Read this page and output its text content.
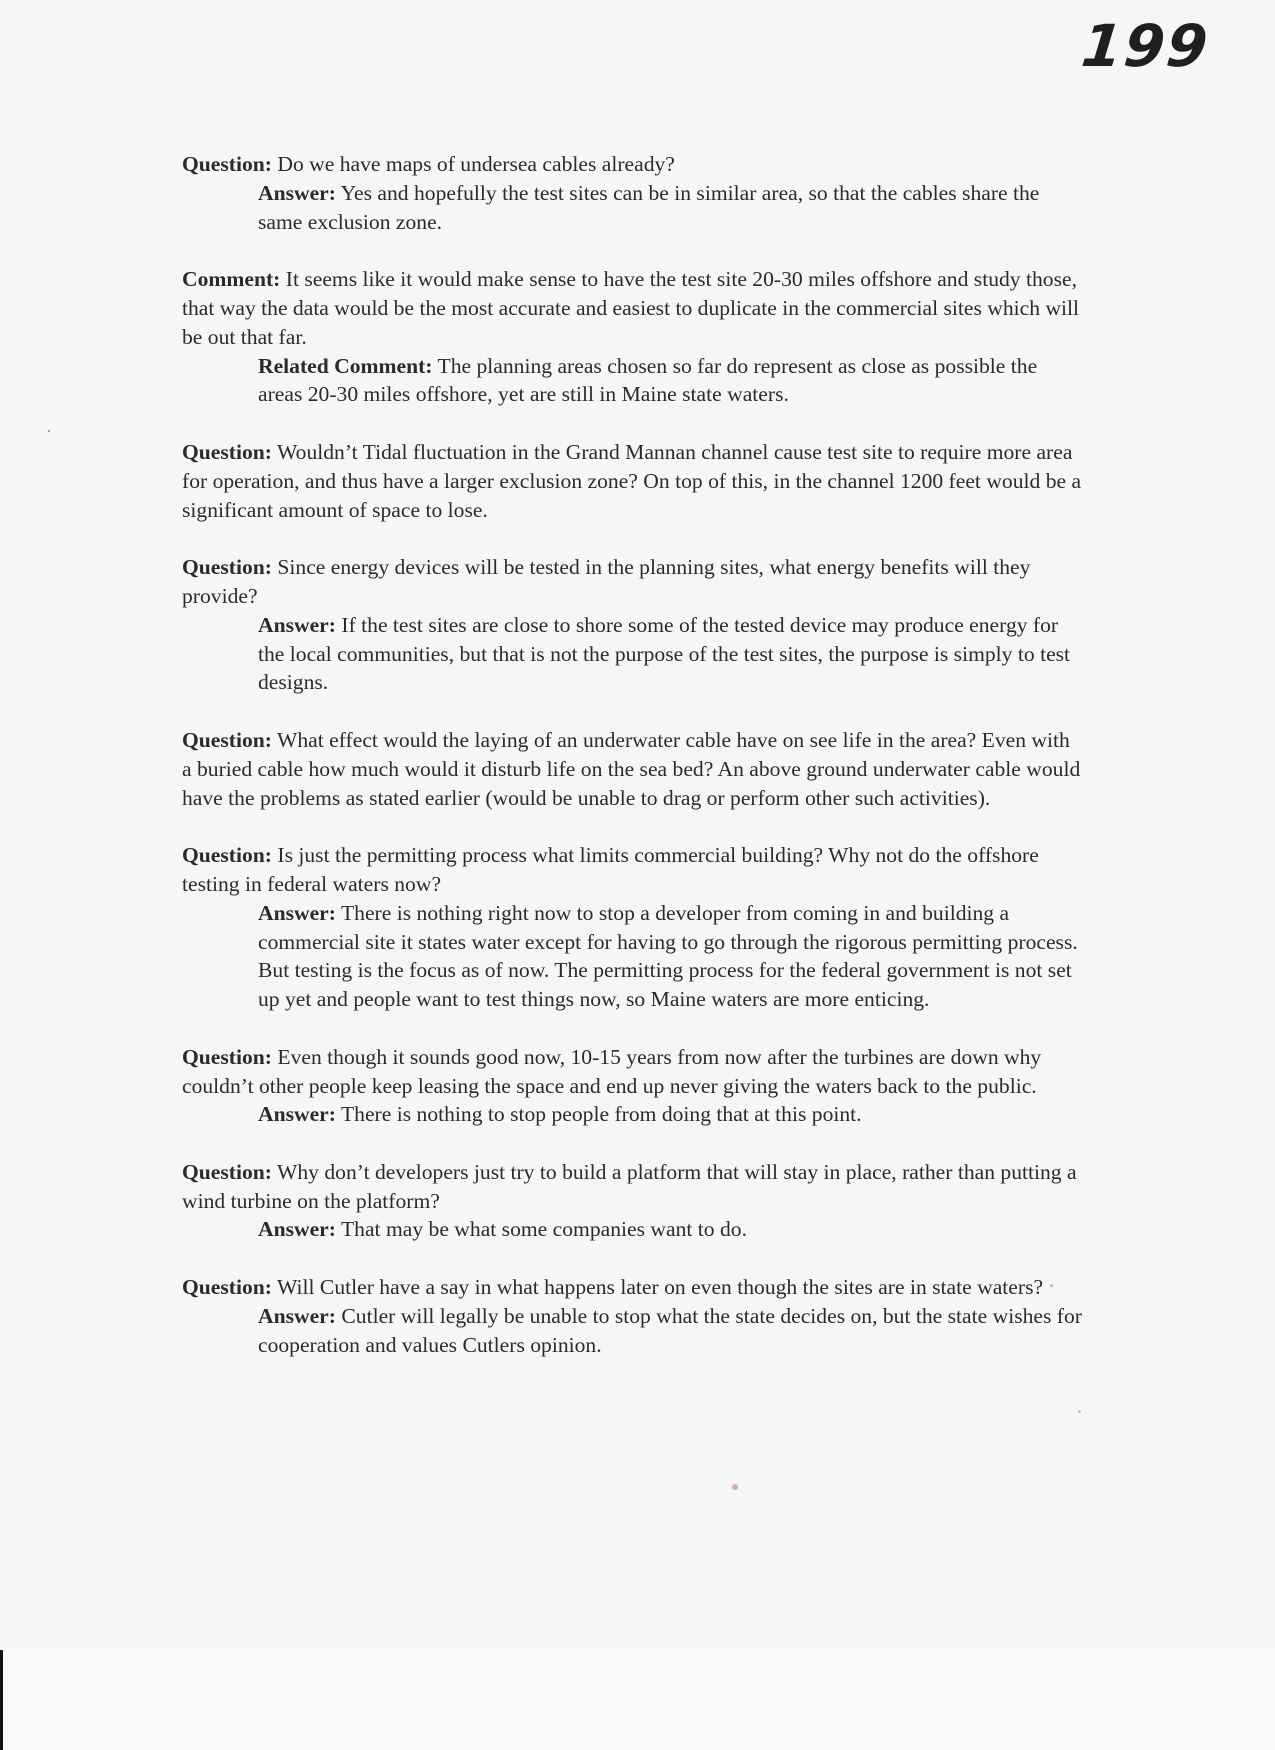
199
Question: Do we have maps of undersea cables already?
Answer: Yes and hopefully the test sites can be in similar area, so that the cables share the same exclusion zone.
Comment: It seems like it would make sense to have the test site 20-30 miles offshore and study those, that way the data would be the most accurate and easiest to duplicate in the commercial sites which will be out that far.
Related Comment: The planning areas chosen so far do represent as close as possible the areas 20-30 miles offshore, yet are still in Maine state waters.
Question: Wouldn’t Tidal fluctuation in the Grand Mannan channel cause test site to require more area for operation, and thus have a larger exclusion zone? On top of this, in the channel 1200 feet would be a significant amount of space to lose.
Question: Since energy devices will be tested in the planning sites, what energy benefits will they provide?
Answer: If the test sites are close to shore some of the tested device may produce energy for the local communities, but that is not the purpose of the test sites, the purpose is simply to test designs.
Question: What effect would the laying of an underwater cable have on see life in the area? Even with a buried cable how much would it disturb life on the sea bed? An above ground underwater cable would have the problems as stated earlier (would be unable to drag or perform other such activities).
Question: Is just the permitting process what limits commercial building? Why not do the offshore testing in federal waters now?
Answer: There is nothing right now to stop a developer from coming in and building a commercial site it states water except for having to go through the rigorous permitting process. But testing is the focus as of now. The permitting process for the federal government is not set up yet and people want to test things now, so Maine waters are more enticing.
Question: Even though it sounds good now, 10-15 years from now after the turbines are down why couldn’t other people keep leasing the space and end up never giving the waters back to the public.
Answer: There is nothing to stop people from doing that at this point.
Question: Why don’t developers just try to build a platform that will stay in place, rather than putting a wind turbine on the platform?
Answer: That may be what some companies want to do.
Question: Will Cutler have a say in what happens later on even though the sites are in state waters?
Answer: Cutler will legally be unable to stop what the state decides on, but the state wishes for cooperation and values Cutlers opinion.
